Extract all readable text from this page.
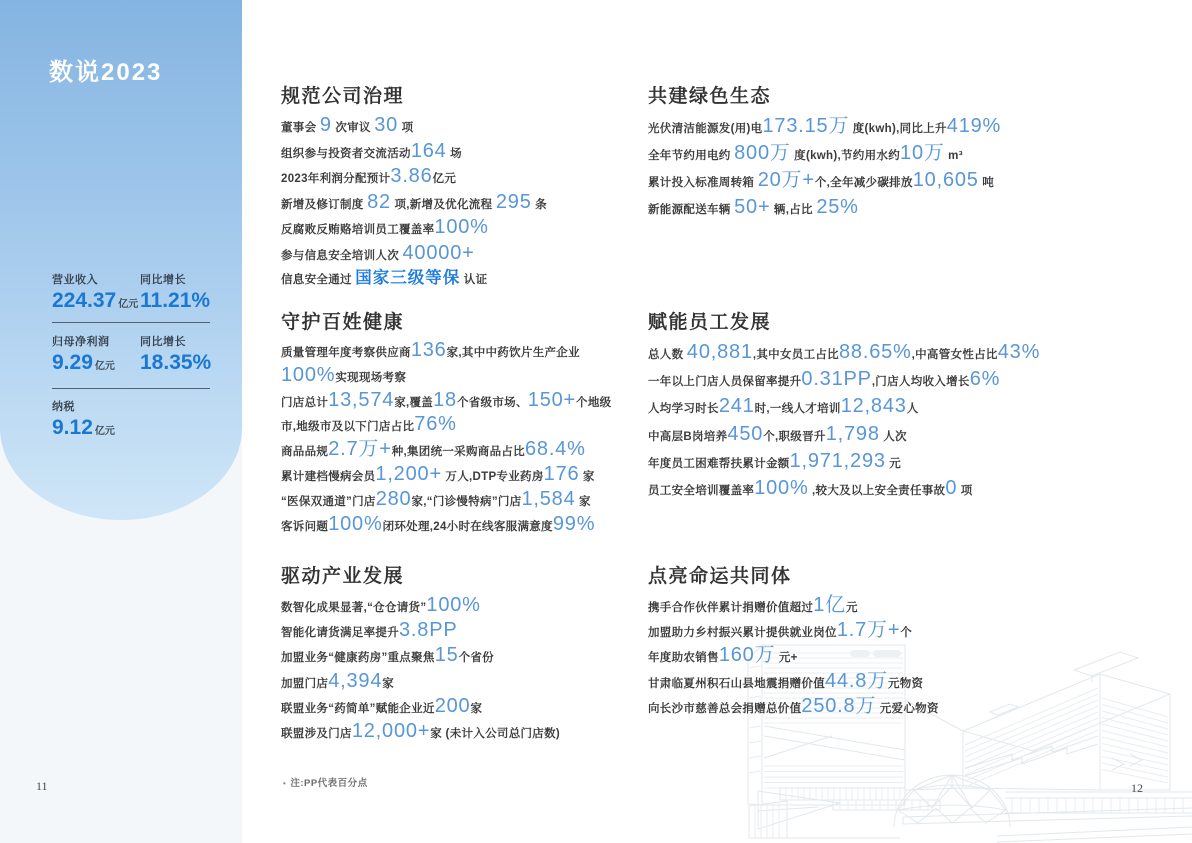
数说2023
营业收入
224.37 亿元
同比增长
11.21%
归母净利润
9.29 亿元
同比增长
18.35%
纳税
9.12 亿元
规范公司治理
董事会 9 次审议 30 项
组织参与投资者交流活动164 场
2023年利润分配预计3.86亿元
新增及修订制度 82 项,新增及优化流程 295 条
反腐败反贿赂培训员工覆盖率100%
参与信息安全培训人次 40000+
信息安全通过 国家三级等保 认证
共建绿色生态
光伏清洁能源发(用)电173.15万 度(kwh),同比上升419%
全年节约用电约 800万 度(kwh),节约用水约10万 m³
累计投入标准周转箱 20万+个,全年减少碳排放10,605 吨
新能源配送车辆 50+ 辆,占比 25%
守护百姓健康
质量管理年度考察供应商136家,其中中药饮片生产企业
100%实现现场考察
门店总计13,574家,覆盖18个省级市场、150+个地级
市,地级市及以下门店占比76%
商品品规2.7万+种,集团统一采购商品占比68.4%
累计建档慢病会员1,200+ 万人,DTP专业药房176 家
“医保双通道”门店280家,“门诊慢特病”门店1,584 家
客诉问题100%闭环处理,24小时在线客服满意度99%
赋能员工发展
总人数 40,881,其中女员工占比88.65%,中高管女性占比43%
一年以上门店人员保留率提升0.31PP,门店人均收入增长6%
人均学习时长241时,一线人才培训12,843人
中高层B岗培养450个,职级晋升1,798 人次
年度员工困难帮扶累计金额1,971,293 元
员工安全培训覆盖率100% ,较大及以上安全责任事故0 项
驱动产业发展
数智化成果显著,“仓仓请货”100%
智能化请货满足率提升3.8PP
加盟业务“健康药房”重点聚焦15个省份
加盟门店4,394家
联盟业务“药简单”赋能企业近200家
联盟涉及门店12,000+家 (未计入公司总门店数)
点亮命运共同体
携手合作伙伴累计捐赠价值超过1亿元
加盟助力乡村振兴累计提供就业岗位1.7万+个
年度助农销售160万 元+
甘肃临夏州积石山县地震捐赠价值44.8万元物资
向长沙市慈善总会捐赠总价值250.8万 元爱心物资
• 注:PP代表百分点
11	12
